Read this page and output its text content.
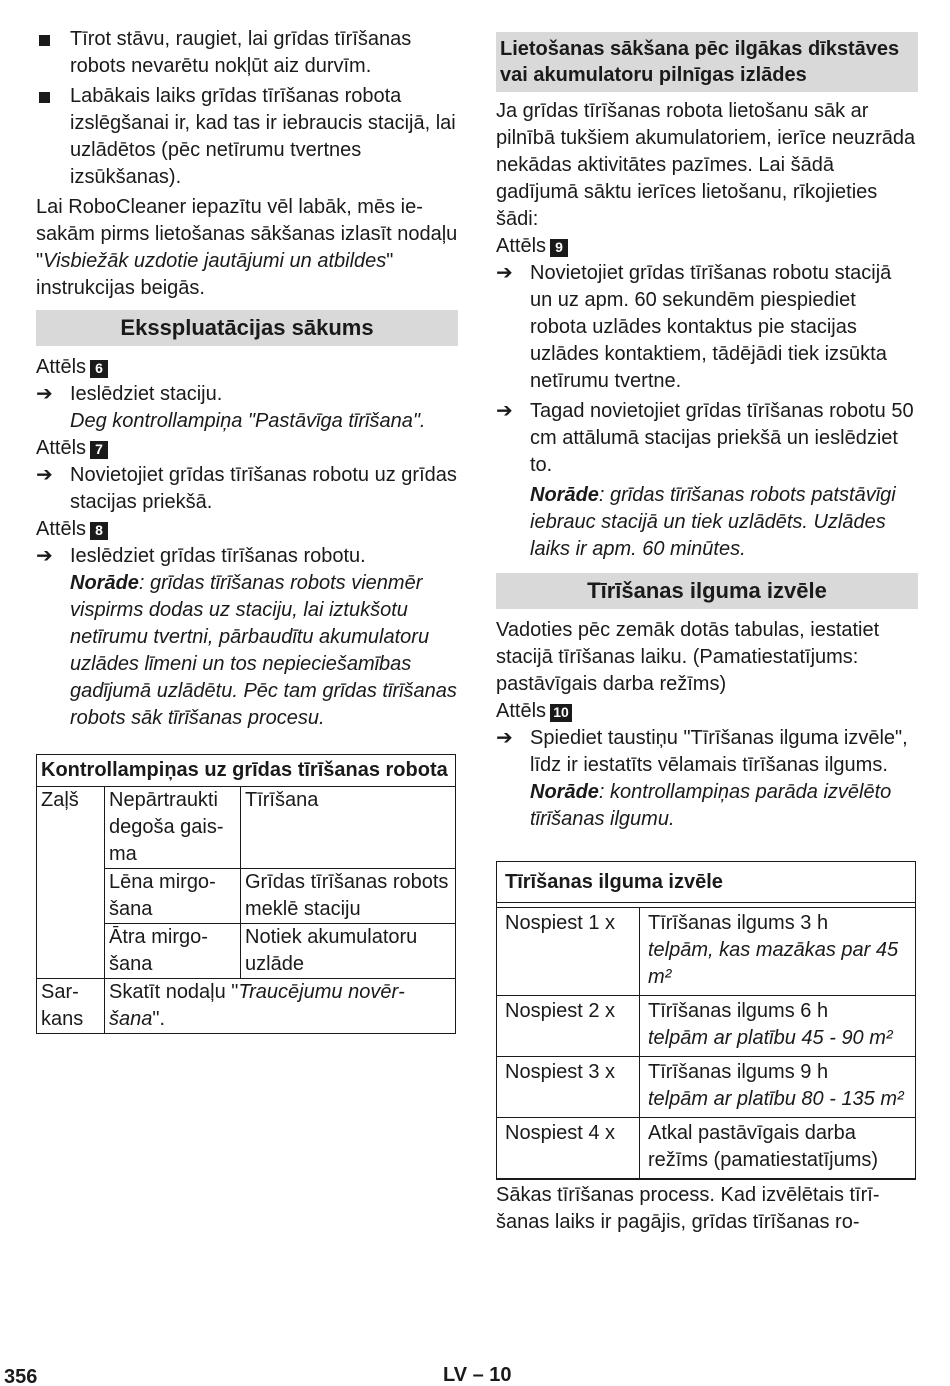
Tīrot stāvu, raugiet, lai grīdas tīrīšanas robots nevarētu nokļūt aiz durvīm.

Labākais laiks grīdas tīrīšanas robota izslēgšanai ir, kad tas ir iebraucis stacijā, lai uzlādētos (pēc netīrumu tvertnes izsūkšanas).

Lai RoboCleaner iepazītu vēl labāk, mēs iesakām pirms lietošanas sākšanas izlasīt nodaļu "Visbiežāk uzdotie jautājumi un atbildes" instrukcijas beigās.

Eksspluatācijas sākums

Attēls 6

➔ Ieslēdziet staciju.

Deg kontrollampiņa "Pastāvīga tīrīšana".

Attēls 7

➔ Novietojiet grīdas tīrīšanas robotu uz grīdas stacijas priekšā.

Attēls 8

➔ Ieslēdziet grīdas tīrīšanas robotu.

Norāde: grīdas tīrīšanas robots vienmēr vispirms dodas uz staciju, lai iztukšotu netīrumu tvertni, pārbaudītu akumulatoru uzlādes līmeni un tos nepieciešamības gadījumā uzlādētu. Pēc tam grīdas tīrīšanas robots sāk tīrīšanas procesu.

Kontrollampiņas uz grīdas tīrīšanas robota		
Zaļš	Nepārtraukti degoša gaisma	Tīrīšana
	Lēna mirgošana	Grīdas tīrīšanas robots meklē staciju
	Ātra mirgošana	Notiek akumulatoru uzlāde
Sarkans	Skatīt nodaļu "Traucējumu novēršana".	
Lietošanas sākšana pēc ilgākas dīkstāves vai akumulatoru pilnīgas izlādes

Ja grīdas tīrīšanas robota lietošanu sāk ar pilnībā tukšiem akumulatoriem, ierīce neuzrāda nekādas aktivitātes pazīmes. Lai šādā gadījumā sāktu ierīces lietošanu, rīkojieties šādi:

Attēls 9

➔ Novietojiet grīdas tīrīšanas robotu stacijā un uz apm. 60 sekundēm piespiediet robota uzlādes kontaktus pie stacijas uzlādes kontaktiem, tādējādi tiek izsūkta netīrumu tvertne.

➔ Tagad novietojiet grīdas tīrīšanas robotu 50 cm attālumā stacijas priekšā un ieslēdziet to.

Norāde: grīdas tīrīšanas robots patstāvīgi iebrauc stacijā un tiek uzlādēts. Uzlādes laiks ir apm. 60 minūtes.

Tīrīšanas ilguma izvēle

Vadoties pēc zemāk dotās tabulas, iestatiet stacijā tīrīšanas laiku. (Pamatiestatījums: pastāvīgais darba režīms)

Attēls 10

➔ Spiediet taustiņu "Tīrīšanas ilguma izvēle", līdz ir iestatīts vēlamais tīrīšanas ilgums.

Norāde: kontrollampiņas parāda izvēlēto tīrīšanas ilgumu.

Tīrīšanas ilguma izvēle
Nospiest 1 x	Tīrīšanas ilgums 3 h
telpām, kas mazākas par 45 m²

Nospiest 2 x	Tīrīšanas ilgums 6 h
telpām ar platību 45 - 90 m²

Nospiest 3 x	Tīrīšanas ilgums 9 h
telpām ar platību 80 - 135 m²

Nospiest 4 x	Atkal pastāvīgais darba režīms (pamatiestatījums)

Sākas tīrīšanas process. Kad izvēlētais tīrīšanas laiks ir pagājis, grīdas tīrīšanas ro-

356	LV – 10
